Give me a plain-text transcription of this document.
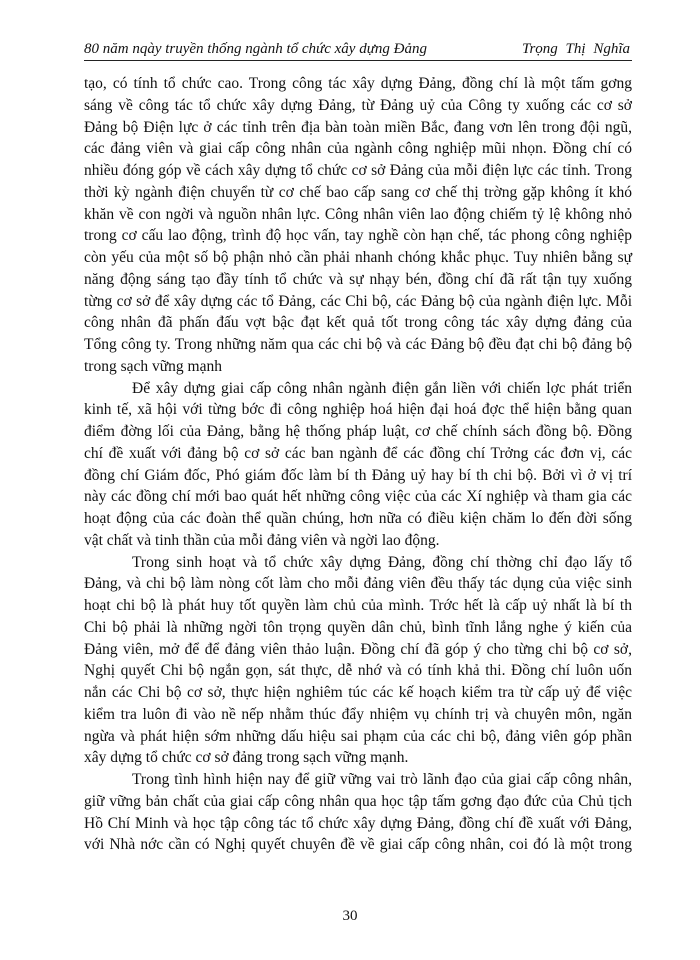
80 năm nqày truyền thống ngành tổ chức xây dựng Đảng	Trọng Thị Nghĩa
tạo, có tính tổ chức cao. Trong công tác xây dựng Đảng, đồng chí là một tấm gơng
sáng về công tác tổ chức xây dựng Đảng, từ Đảng uỷ của Công ty xuống các cơ sở
Đảng bộ Điện lực ở các tỉnh trên địa bàn toàn miền Bắc, đang vơn lên trong đội ngũ,
các đảng viên và giai cấp công nhân của ngành công nghiệp mũi nhọn. Đồng chí có
nhiều đóng góp về cách xây dựng tổ chức cơ sở Đảng của mỗi điện lực các tỉnh. Trong
thời kỳ ngành điện chuyển từ cơ chế bao cấp sang cơ chế thị trờng gặp không ít khó
khăn về con ngời và nguồn nhân lực. Công nhân viên lao động chiếm tỷ lệ không nhỏ
trong cơ cấu lao động, trình độ học vấn, tay nghề còn hạn chế, tác phong công nghiệp
còn yếu của một số bộ phận nhỏ cần phải nhanh chóng khắc phục. Tuy nhiên bằng sự
năng động sáng tạo đầy tính tổ chức và sự nhạy bén, đồng chí đã rất tận tụy xuống
từng cơ sở để xây dựng các tổ Đảng, các Chi bộ, các Đảng bộ của ngành điện lực. Mỗi
công nhân đã phấn đấu vợt bậc đạt kết quả tốt trong công tác xây dựng đảng của
Tổng công ty. Trong những năm qua các chi bộ và các Đảng bộ đều đạt chi bộ đảng bộ
trong sạch vững mạnh
Để xây dựng giai cấp công nhân ngành điện gắn liền với chiến lợc phát triển
kinh tế, xã hội với từng bớc đi công nghiệp hoá hiện đại hoá đợc thể hiện bằng quan
điểm đờng lối của Đảng, bằng hệ thống pháp luật, cơ chế chính sách đồng bộ. Đồng
chí đề xuất với đảng bộ cơ sở các ban ngành để các đồng chí Trởng các đơn vị, các
đồng chí Giám đốc, Phó giám đốc làm bí th Đảng uỷ hay bí th chi bộ. Bởi vì ở vị trí
này các đồng chí mới bao quát hết những công việc của các Xí nghiệp và tham gia các
hoạt động của các đoàn thể quần chúng, hơn nữa có điều kiện chăm lo đến đời sống
vật chất và tinh thần của mỗi đảng viên và ngời lao động.
Trong sinh hoạt và tổ chức xây dựng Đảng, đồng chí thờng chỉ đạo lấy tổ
Đảng, và chi bộ làm nòng cốt làm cho mỗi đảng viên đều thấy tác dụng của việc sinh
hoạt chi bộ là phát huy tốt quyền làm chủ của mình. Trớc hết là cấp uỷ nhất là bí th
Chi bộ phải là những ngời tôn trọng quyền dân chủ, bình tĩnh lắng nghe ý kiến của
Đảng viên, mở để để đảng viên thảo luận. Đồng chí đã góp ý cho từng chi bộ cơ sở,
Nghị quyết Chi bộ ngắn gọn, sát thực, dễ nhớ và có tính khả thi. Đồng chí luôn uốn
nắn các Chi bộ cơ sở, thực hiện nghiêm túc các kế hoạch kiểm tra từ cấp uỷ để việc
kiểm tra luôn đi vào nề nếp nhằm thúc đẩy nhiệm vụ chính trị và chuyên môn, ngăn
ngừa và phát hiện sớm những dấu hiệu sai phạm của các chi bộ, đảng viên góp phần
xây dựng tổ chức cơ sở đảng trong sạch vững mạnh.
Trong tình hình hiện nay để giữ vững vai trò lãnh đạo của giai cấp công nhân,
giữ vững bản chất của giai cấp công nhân qua học tập tấm gơng đạo đức của Chủ tịch
Hồ Chí Minh và học tập công tác tổ chức xây dựng Đảng, đồng chí đề xuất với Đảng,
với Nhà nớc cần có Nghị quyết chuyên đề về giai cấp công nhân, coi đó là một trong
30
